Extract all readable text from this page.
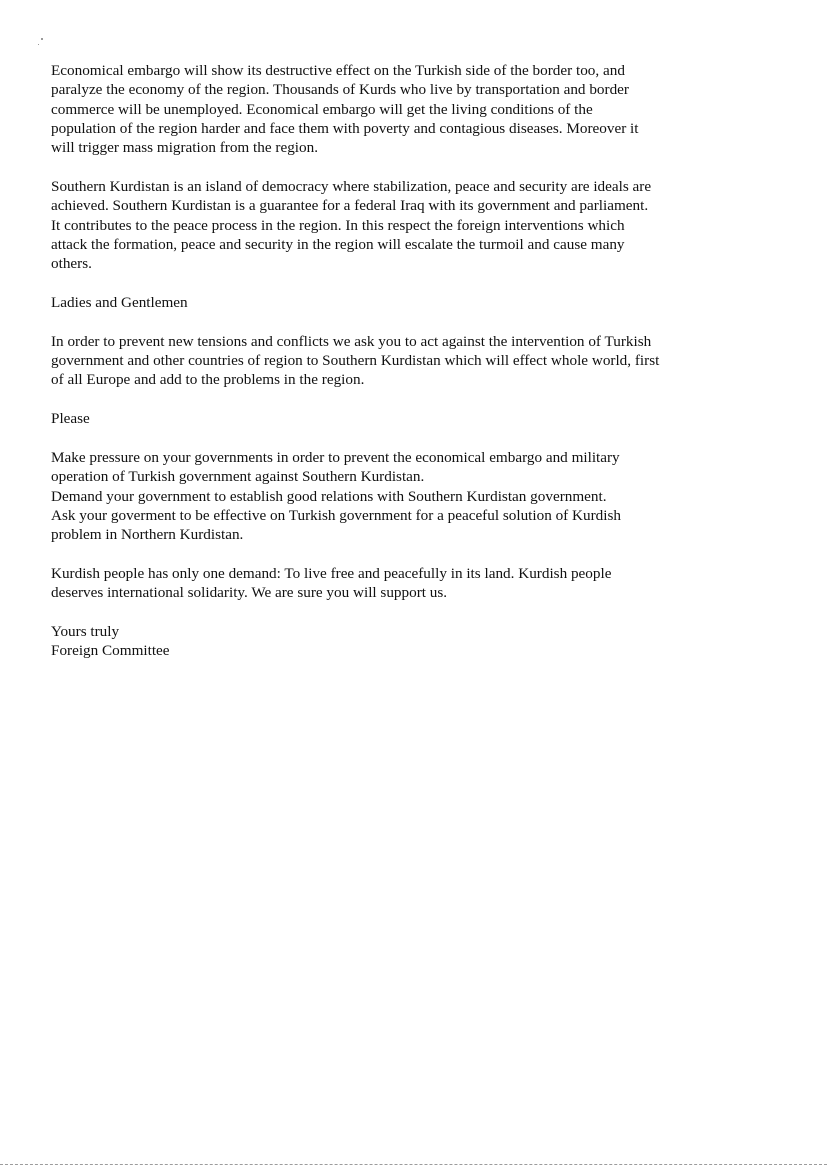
Economical embargo will show its destructive effect on the Turkish side of the border too, and
paralyze the economy of the region. Thousands of Kurds who live by transportation and border
commerce will be unemployed. Economical embargo will get the living conditions of the
population of the region harder and face them with poverty and contagious diseases. Moreover it
will trigger mass migration from the region.

Southern Kurdistan is an island of democracy where stabilization, peace and security are ideals are
achieved. Southern Kurdistan is a guarantee for a federal Iraq with its government and parliament.
It contributes to the peace process in the region. In this respect the foreign interventions which
attack the formation, peace and security in the region will escalate the turmoil and cause many
others.

Ladies and Gentlemen

In order to prevent new tensions and conflicts we ask you to act against the intervention of Turkish
government and other countries of region to Southern Kurdistan which will effect whole world, first
of all Europe and add to the problems in the region.

Please

Make pressure on your governments in order to prevent the economical embargo and military
operation of Turkish government against Southern Kurdistan.
Demand your government to establish good relations with Southern Kurdistan government.
Ask your goverment to be effective on Turkish government for a peaceful solution of Kurdish
problem in Northern Kurdistan.

Kurdish people has only one demand: To live free and peacefully in its land. Kurdish people
deserves international solidarity. We are sure you will support us.

Yours truly
Foreign Committee
